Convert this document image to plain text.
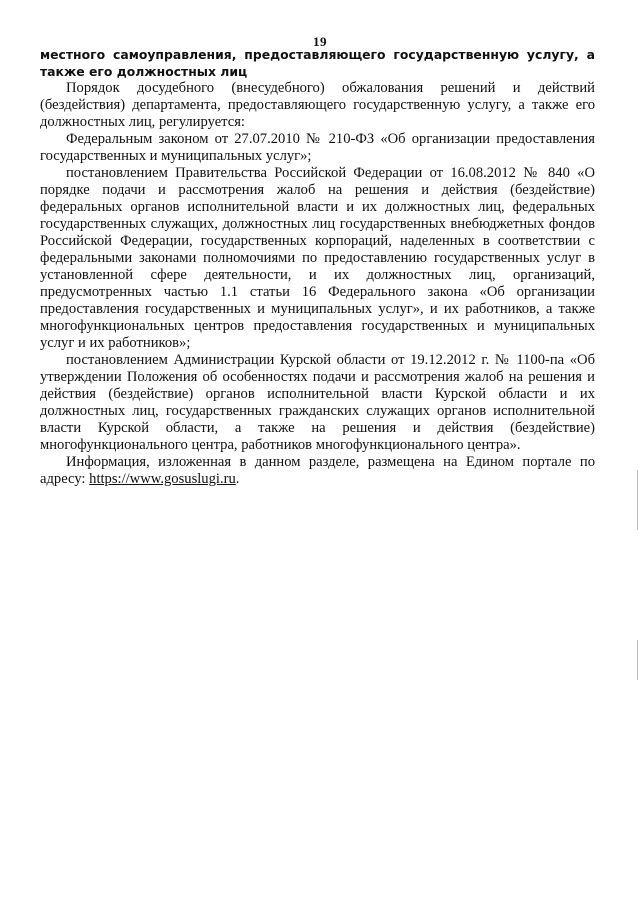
19

местного самоуправления, предоставляющего государственную услугу, а также его должностных лиц

Порядок досудебного (внесудебного) обжалования решений и действий (бездействия) департамента, предоставляющего государственную услугу, а также его должностных лиц, регулируется:

Федеральным законом от 27.07.2010 № 210-ФЗ «Об организации предоставления государственных и муниципальных услуг»;

постановлением Правительства Российской Федерации от 16.08.2012 № 840 «О порядке подачи и рассмотрения жалоб на решения и действия (бездействие) федеральных органов исполнительной власти и их должностных лиц, федеральных государственных служащих, должностных лиц государственных внебюджетных фондов Российской Федерации, государственных корпораций, наделенных в соответствии с федеральными законами полномочиями по предоставлению государственных услуг в установленной сфере деятельности, и их должностных лиц, организаций, предусмотренных частью 1.1 статьи 16 Федерального закона «Об организации предоставления государственных и муниципальных услуг», и их работников, а также многофункциональных центров предоставления государственных и муниципальных услуг и их работников»;

постановлением Администрации Курской области от 19.12.2012 г. № 1100-па «Об утверждении Положения об особенностях подачи и рассмотрения жалоб на решения и действия (бездействие) органов исполнительной власти Курской области и их должностных лиц, государственных гражданских служащих органов исполнительной власти Курской области, а также на решения и действия (бездействие) многофункционального центра, работников многофункционального центра».

Информация, изложенная в данном разделе, размещена на Едином портале по адресу: https://www.gosuslugi.ru.
